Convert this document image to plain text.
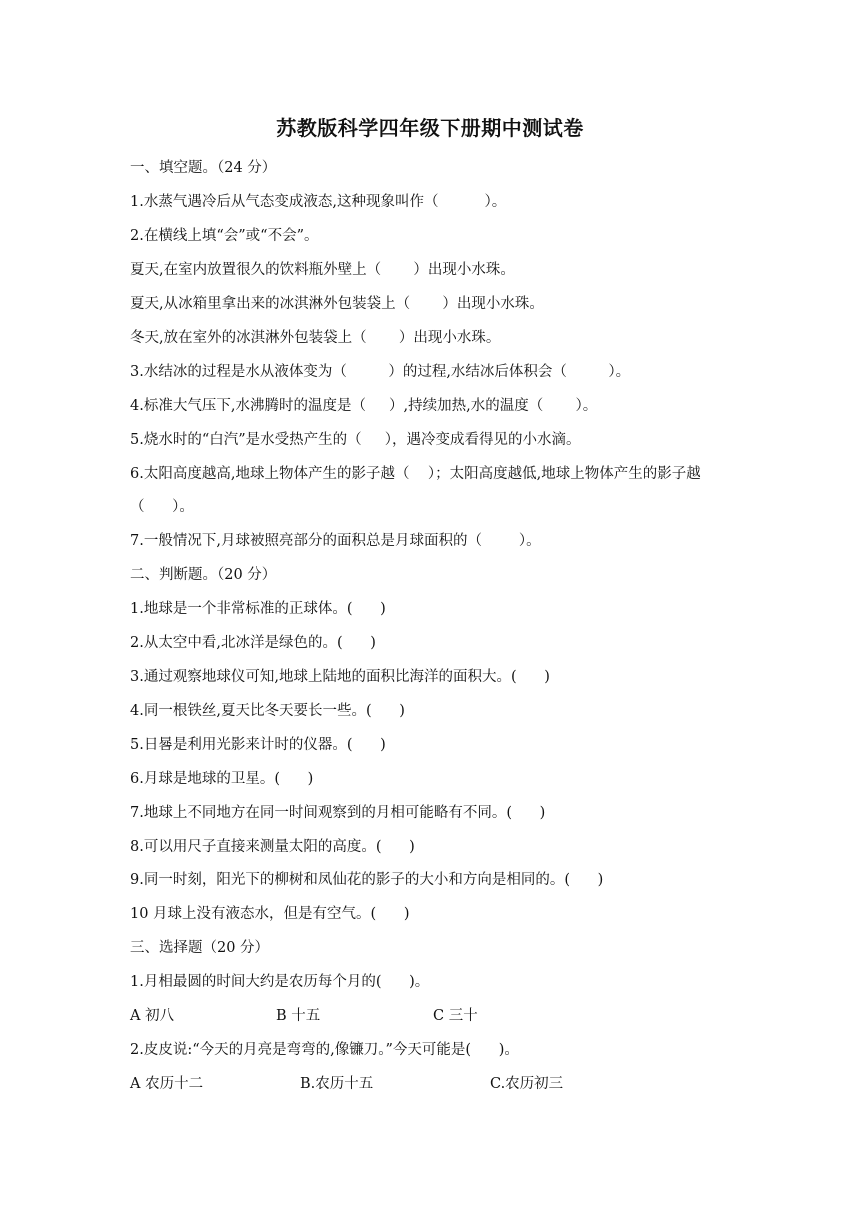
苏教版科学四年级下册期中测试卷
一、填空题。（24 分）
1.水蒸气遇冷后从气态变成液态,这种现象叫作（          ）。
2.在横线上填“会”或“不会”。
夏天,在室内放置很久的饮料瓶外壁上（       ）出现小水珠。
夏天,从冰箱里拿出来的冰淇淋外包装袋上（       ）出现小水珠。
冬天,放在室外的冰淇淋外包装袋上（       ）出现小水珠。
3.水结冰的过程是水从液体变为（         ）的过程,水结冰后体积会（         ）。
4.标准大气压下,水沸腾时的温度是（     ）,持续加热,水的温度（       ）。
5.烧水时的“白汽”是水受热产生的（     ），遇冷变成看得见的小水滴。
6.太阳高度越高,地球上物体产生的影子越（    ）；太阳高度越低,地球上物体产生的影子越
（      ）。
7.一般情况下,月球被照亮部分的面积总是月球面积的（        ）。
二、判断题。（20 分）
1.地球是一个非常标准的正球体。(      )
2.从太空中看,北冰洋是绿色的。(      )
3.通过观察地球仪可知,地球上陆地的面积比海洋的面积大。(      )
4.同一根铁丝,夏天比冬天要长一些。(      )
5.日晷是利用光影来计时的仪器。(      )
6.月球是地球的卫星。(      )
7.地球上不同地方在同一时间观察到的月相可能略有不同。(      )
8.可以用尺子直接来测量太阳的高度。(      )
9.同一时刻，阳光下的柳树和凤仙花的影子的大小和方向是相同的。(      )
10 月球上没有液态水，但是有空气。(      )
三、选择题（20 分）
1.月相最圆的时间大约是农历每个月的(      )。
A 初八	B 十五	C 三十
2.皮皮说:“今天的月亮是弯弯的,像镰刀。”今天可能是(      )。
A 农历十二	B.农历十五	C.农历初三
